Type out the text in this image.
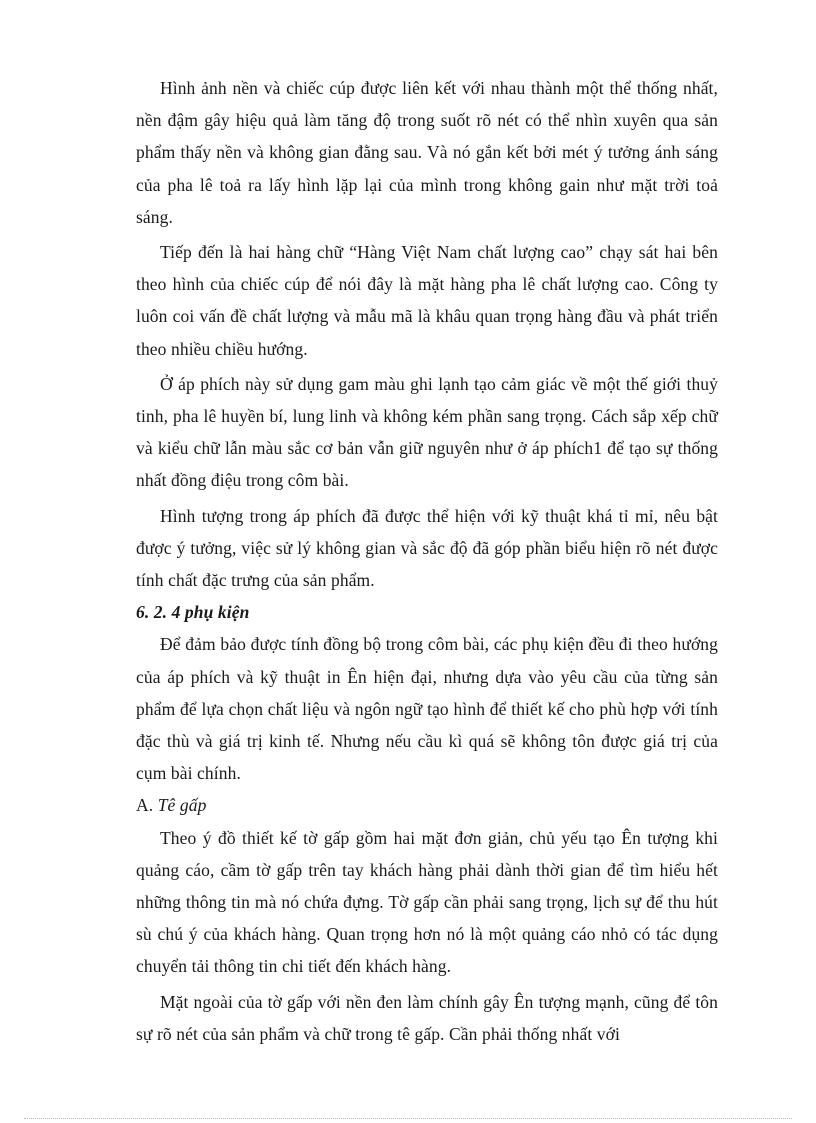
Hình ảnh nền và chiếc cúp được liên kết với nhau thành một thể thống nhất, nền đậm gây hiệu quả làm tăng độ trong suốt rõ nét có thể nhìn xuyên qua sản phẩm thấy nền và không gian đằng sau. Và nó gắn kết bởi mét ý tưởng ánh sáng của pha lê toả ra lấy hình lặp lại của mình trong không gain như mặt trời toả sáng.

Tiếp đến là hai hàng chữ “Hàng Việt Nam chất lượng cao” chạy sát hai bên theo hình của chiếc cúp để nói đây là mặt hàng pha lê chất lượng cao. Công ty luôn coi vấn đề chất lượng và mẫu mã là khâu quan trọng hàng đầu và phát triển theo nhiều chiều hướng.

Ở áp phích này sử dụng gam màu ghi lạnh tạo cảm giác về một thế giới thuỷ tinh, pha lê huyền bí, lung linh và không kém phần sang trọng. Cách sắp xếp chữ và kiểu chữ lẫn màu sắc cơ bản vẫn giữ nguyên như ở áp phích1 để tạo sự thống nhất đồng điệu trong côm bài.

Hình tượng trong áp phích đã được thể hiện với kỹ thuật khá tỉ mỉ, nêu bật được ý tưởng, việc sử lý không gian và sắc độ đã góp phần biểu hiện rõ nét được tính chất đặc trưng của sản phẩm.

6. 2. 4 phụ kiện

Để đảm bảo được tính đồng bộ trong côm bài, các phụ kiện đều đi theo hướng của áp phích và kỹ thuật in Ên hiện đại, nhưng dựa vào yêu cầu của từng sản phẩm để lựa chọn chất liệu và ngôn ngữ tạo hình để thiết kế cho phù hợp với tính đặc thù và giá trị kinh tế. Nhưng nếu cầu kì quá sẽ không tôn được giá trị của cụm bài chính.

A. Tê gấp

Theo ý đồ thiết kế tờ gấp gồm hai mặt đơn giản, chủ yếu tạo Ên tượng khi quảng cáo, cầm tờ gấp trên tay khách hàng phải dành thời gian để tìm hiểu hết những thông tin mà nó chứa đựng. Tờ gấp cần phải sang trọng, lịch sự để thu hút sù chú ý của khách hàng. Quan trọng hơn nó là một quảng cáo nhỏ có tác dụng chuyển tải thông tin chi tiết đến khách hàng.

Mặt ngoài của tờ gấp với nền đen làm chính gây Ên tượng mạnh, cũng để tôn sự rõ nét của sản phẩm và chữ trong tê gấp. Cần phải thống nhất với
